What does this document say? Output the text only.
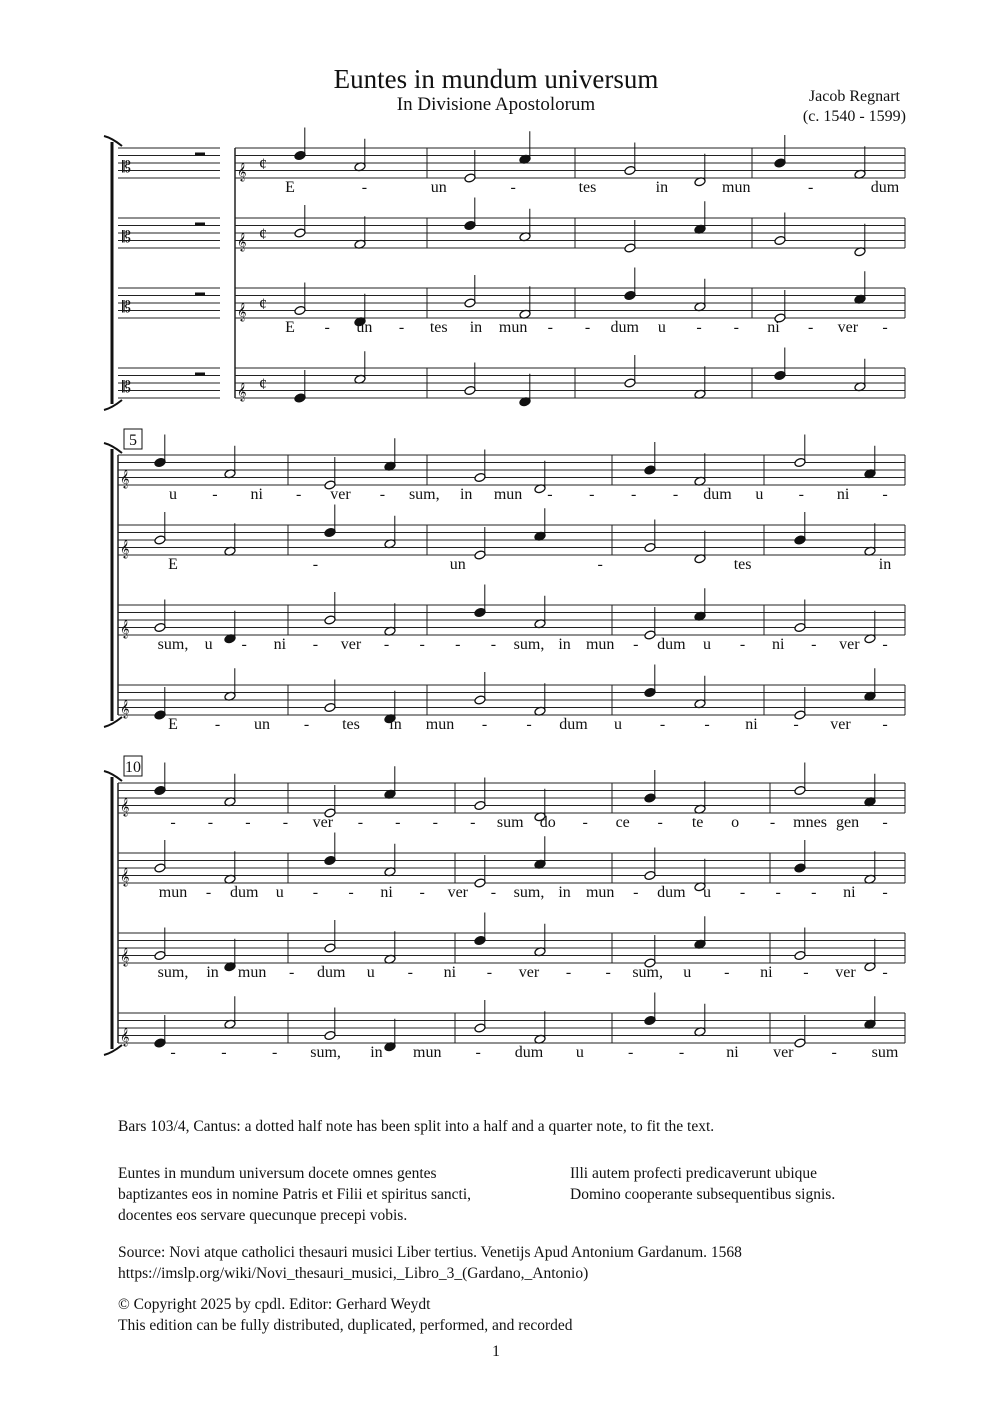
Euntes in mundum universum
In Divisione Apostolorum	Jacob Regnart
(c. 1540 - 1599)
𝄡	𝄞 ¢
E	-	un	-	tes	in	mun	-	dum
𝄡	𝄞 ¢
𝄡	𝄞 ¢
E - un - tes in mun - - dum u - - ni - ver -
𝄡	𝄞 ¢
𝄞
u - ni - ver - sum, in mun - - - - dum u - ni -
𝄞
E	-	un	-	tes	in
𝄞
sum, u - ni - ver - - - - sum, in mun - dum u - ni - ver -
𝄞
E - un - tes in mun - - dum u - - ni - ver -
𝄞
- - - - ver - - - - sum do - ce - te o - mnes gen -
𝄞
mun - dum u - - ni - ver - sum, in mun - dum u - - - ni -
𝄞
sum, in mun - dum u - ni - ver - - sum, u - ni - ver -
𝄞
-	-	- sum, in mun - dum u	-	-	ni ver - sum
5
10
Bars 103/4, Cantus: a dotted half note has been split into a half and a quarter note, to fit the text.
Euntes in mundum universum docete omnes gentes
baptizantes eos in nomine Patris et Filii et spiritus sancti,
docentes eos servare quecunque precepi vobis.
Illi autem profecti predicaverunt ubique
Domino cooperante subsequentibus signis.
Source: Novi atque catholici thesauri musici Liber tertius. Venetijs Apud Antonium Gardanum. 1568
https://imslp.org/wiki/Novi_thesauri_musici,_Libro_3_(Gardano,_Antonio)
© Copyright 2025 by cpdl. Editor: Gerhard Weydt
This edition can be fully distributed, duplicated, performed, and recorded
1
